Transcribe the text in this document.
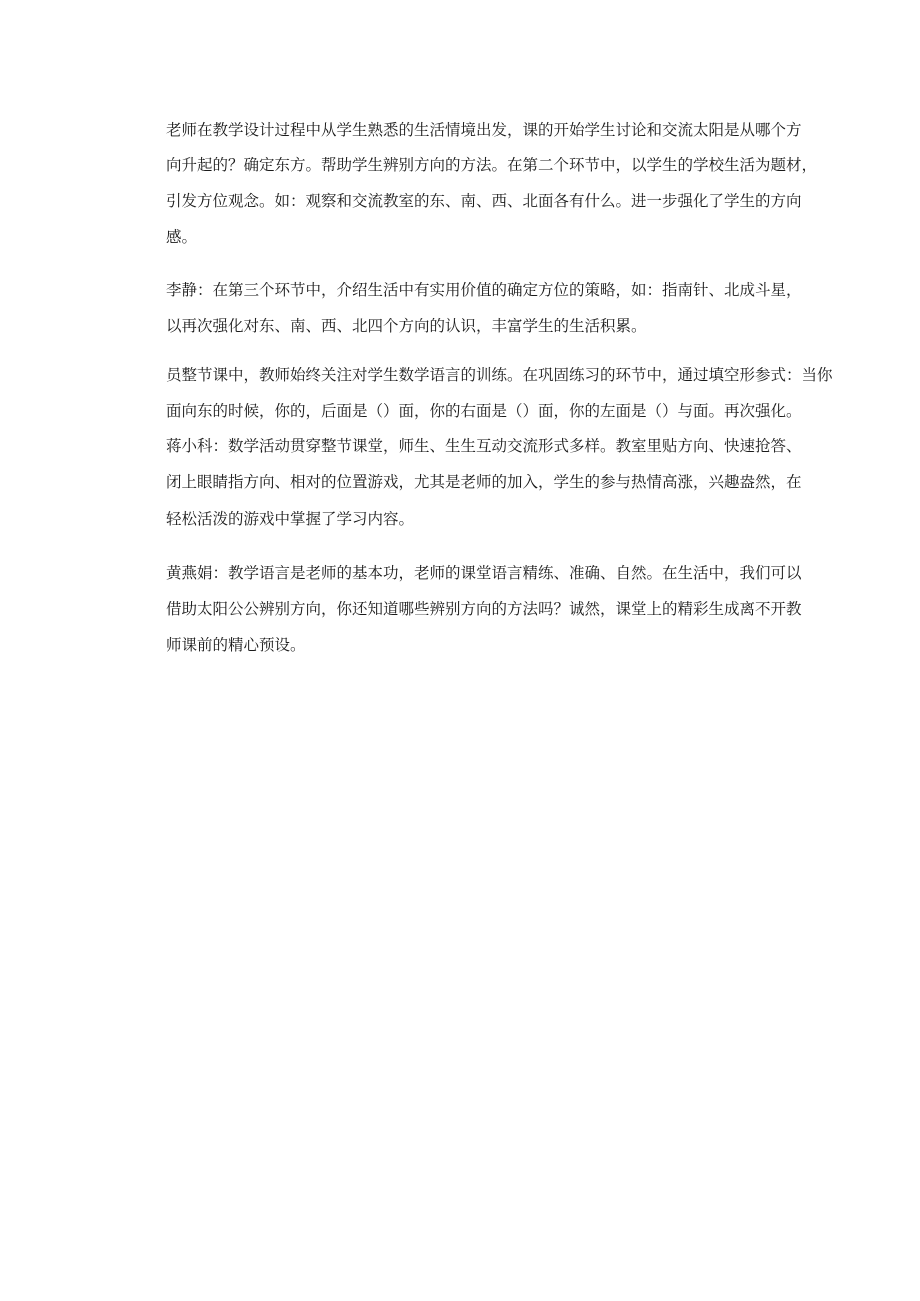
老师在教学设计过程中从学生熟悉的生活情境出发，课的开始学生讨论和交流太阳是从哪个方
向升起的？确定东方。帮助学生辨别方向的方法。在第二个环节中，以学生的学校生活为题材，
引发方位观念。如：观察和交流教室的东、南、西、北面各有什么。进一步强化了学生的方向
感。
李静：在第三个环节中，介绍生活中有实用价值的确定方位的策略，如：指南针、北成斗星，
以再次强化对东、南、西、北四个方向的认识，丰富学生的生活积累。
员整节课中，教师始终关注对学生数学语言的训练。在巩固练习的环节中，通过填空形参式：当你
面向东的时候，你的，后面是（）面，你的右面是（）面，你的左面是（）与面。再次强化。
蒋小科：数学活动贯穿整节课堂，师生、生生互动交流形式多样。教室里贴方向、快速抢答、
闭上眼睛指方向、相对的位置游戏，尤其是老师的加入，学生的参与热情高涨，兴趣盎然，在
轻松活泼的游戏中掌握了学习内容。
黄燕娟：教学语言是老师的基本功，老师的课堂语言精练、准确、自然。在生活中，我们可以
借助太阳公公辨别方向，你还知道哪些辨别方向的方法吗？诚然，课堂上的精彩生成离不开教
师课前的精心预设。
